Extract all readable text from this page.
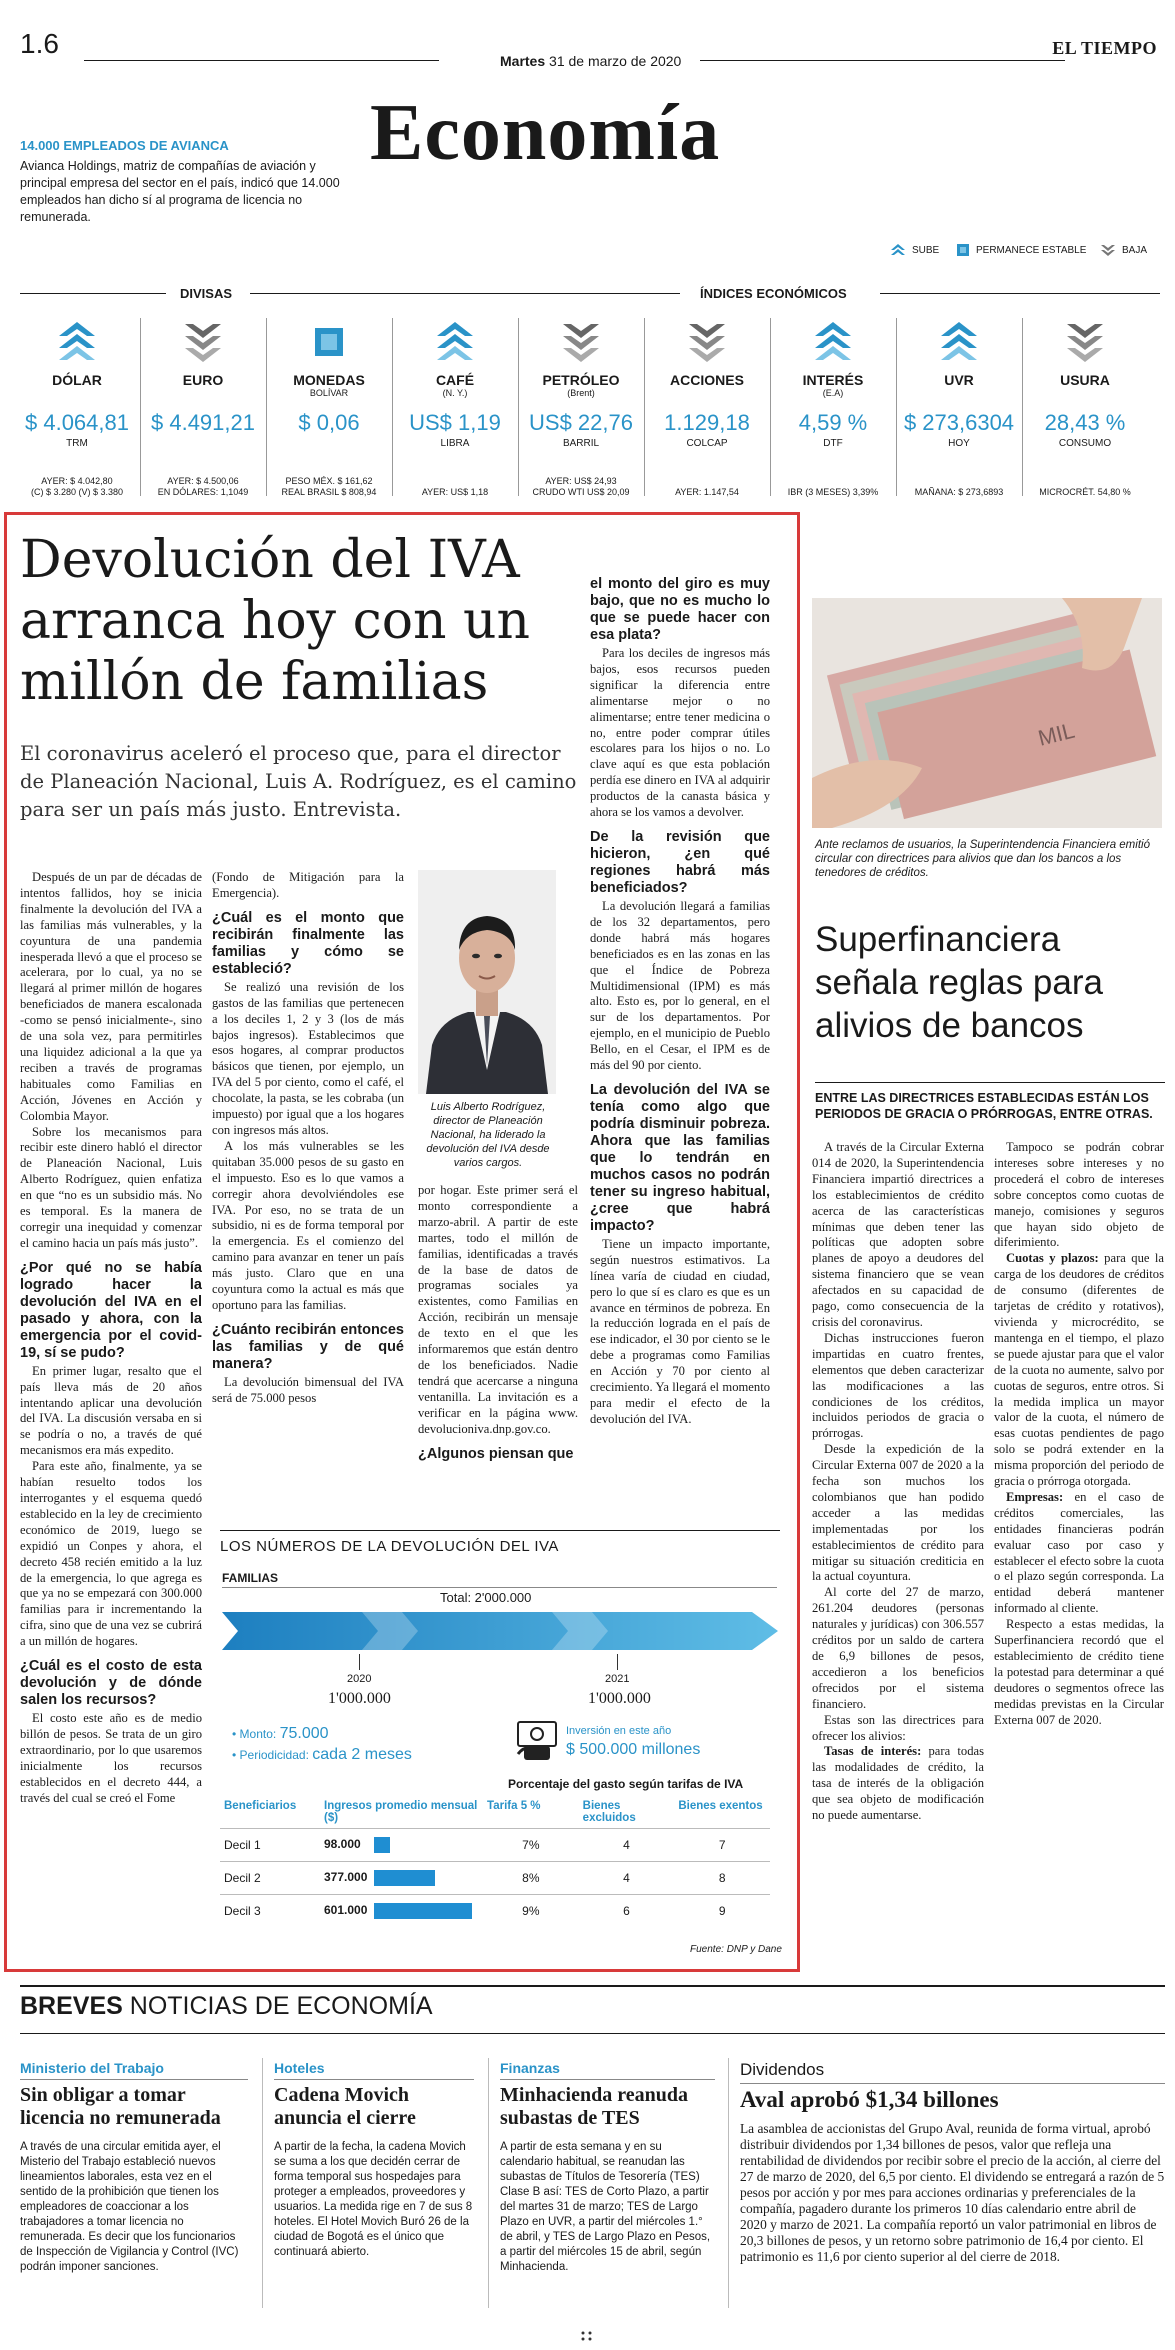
1.6
Martes 31 de marzo de 2020
EL TIEMPO
Economía
14.000 EMPLEADOS DE AVIANCA
Avianca Holdings, matriz de compañías de aviación y principal empresa del sector en el país, indicó que 14.000 empleados han dicho sí al programa de licencia no remunerada.
SUBE	PERMANECE ESTABLE	BAJA
DIVISAS	ÍNDICES ECONÓMICOS
DÓLAR
$ 4.064,81
TRM
AYER: $ 4.042,80
(C) $ 3.280 (V) $ 3.380
EURO
$ 4.491,21
AYER: $ 4.500,06
EN DÓLARES: 1,1049
MONEDAS
BOLÍVAR
$ 0,06
PESO MÉX. $ 161,62
REAL BRASIL $ 808,94
CAFÉ
(N. Y.)
US$ 1,19
LIBRA
AYER: US$ 1,18
PETRÓLEO
(Brent)
US$ 22,76
BARRIL
AYER: US$ 24,93
CRUDO WTI US$ 20,09
ACCIONES
1.129,18
COLCAP
AYER: 1.147,54
INTERÉS
(E.A)
4,59 %
DTF
IBR (3 MESES) 3,39%
UVR
$ 273,6304
HOY
MAÑANA: $ 273,6893
USURA
28,43 %
CONSUMO
MICROCRÉT. 54,80 %
Devolución del IVA arranca hoy con un millón de familias
El coronavirus aceleró el proceso que, para el director de Planeación Nacional, Luis A. Rodríguez, es el camino para ser un país más justo. Entrevista.

Después de un par de décadas de intentos fallidos, hoy se inicia finalmente la devolución del IVA a las familias más vulnerables, y la coyuntura de una pandemia inesperada llevó a que el proceso se acelerara, por lo cual, ya no se llegará al primer millón de hogares beneficiados de manera escalonada -como se pensó inicialmente-, sino de una sola vez, para permitirles una liquidez adicional a la que ya reciben a través de programas habituales como Familias en Acción, Jóvenes en Acción y Colombia Mayor.

Sobre los mecanismos para recibir este dinero habló el director de Planeación Nacional, Luis Alberto Rodríguez, quien enfatiza en que “no es un subsidio más. No es temporal. Es la manera de corregir una inequidad y comenzar el camino hacia un país más justo”.

¿Por qué no se había logrado hacer la devolución del IVA en el pasado y ahora, con la emergencia por el covid-19, sí se pudo?

En primer lugar, resalto que el país lleva más de 20 años intentando aplicar una devolución del IVA. La discusión versaba en si se podría o no, a través de qué mecanismos era más expedito.

Para este año, finalmente, ya se habían resuelto todos los interrogantes y el esquema quedó establecido en la ley de crecimiento económico de 2019, luego se expidió un Conpes y ahora, el decreto 458 recién emitido a la luz de la emergencia, lo que agrega es que ya no se empezará con 300.000 familias para ir incrementando la cifra, sino que de una vez se cubrirá a un millón de hogares.

¿Cuál es el costo de esta devolución y de dónde salen los recursos?

El costo este año es de medio billón de pesos. Se trata de un giro extraordinario, por lo que usaremos inicialmente los recursos establecidos en el decreto 444, a través del cual se creó el Fome

(Fondo de Mitigación para la Emergencia).

¿Cuál es el monto que recibirán finalmente las familias y cómo se estableció?

Se realizó una revisión de los gastos de las familias que pertenecen a los deciles 1, 2 y 3 (los de más bajos ingresos). Establecimos que esos hogares, al comprar productos básicos que tienen, por ejemplo, un IVA del 5 por ciento, como el café, el chocolate, la pasta, se les cobraba (un impuesto) por igual que a los hogares con ingresos más altos.

A los más vulnerables se les quitaban 35.000 pesos de su gasto en el impuesto. Eso es lo que vamos a corregir ahora devolviéndoles ese IVA. Por eso, no se trata de un subsidio, ni es de forma temporal por la emergencia. Es el comienzo del camino para avanzar en tener un país más justo. Claro que en una coyuntura como la actual es más que oportuno para las familias.

¿Cuánto recibirán entonces las familias y de qué manera?

La devolución bimensual del IVA será de 75.000 pesos

por hogar. Este primer será el monto correspondiente a marzo-abril. A partir de este martes, todo el millón de familias, identificadas a través de la base de datos de programas sociales ya existentes, como Familias en Acción, recibirán un mensaje de texto en el que les informaremos que están dentro de los beneficiados. Nadie tendrá que acercarse a ninguna ventanilla. La invitación es a verificar en la página www. devolucioniva.dnp.gov.co.

¿Algunos piensan que
el monto del giro es muy bajo, que no es mucho lo que se puede hacer con esa plata?

Para los deciles de ingresos más bajos, esos recursos pueden significar la diferencia entre alimentarse mejor o no alimentarse; entre tener medicina o no, entre poder comprar útiles escolares para los hijos o no. Lo clave aquí es que esta población perdía ese dinero en IVA al adquirir productos de la canasta básica y ahora se los vamos a devolver.

De la revisión que hicieron, ¿en qué regiones habrá más beneficiados?

La devolución llegará a familias de los 32 departamentos, pero donde habrá más hogares beneficiados es en las zonas en las que el Índice de Pobreza Multidimensional (IPM) es más alto. Esto es, por lo general, en el sur de los departamentos. Por ejemplo, en el municipio de Pueblo Bello, en el Cesar, el IPM es de más del 90 por ciento.

La devolución del IVA se tenía como algo que podría disminuir pobreza. Ahora que las familias que lo tendrán en muchos casos no podrán tener su ingreso habitual, ¿cree que habrá impacto?

Tiene un impacto importante, según nuestros estimativos. La línea varía de ciudad en ciudad, pero lo que sí es claro es que es un avance en términos de pobreza. En la reducción lograda en el país de ese indicador, el 30 por ciento se le debe a programas como Familias en Acción y 70 por ciento al crecimiento. Ya llegará el momento para medir el efecto de la devolución del IVA.

Luis Alberto Rodríguez, director de Planeación Nacional, ha liderado la devolución del IVA desde varios cargos.
LOS NÚMEROS DE LA DEVOLUCIÓN DEL IVA
FAMILIAS
Total: 2'000.000
2020
1'000.000
2021
1'000.000
• Monto: 75.000
• Periodicidad: cada 2 meses
Inversión en este año
$ 500.000 millones
Porcentaje del gasto según tarifas de IVA
Beneficiarios	Ingresos promedio mensual ($)	Tarifa 5 %	Bienes excluidos	Bienes exentos
Decil 1	98.000	7%	4	7
Decil 2	377.000	8%	4	8
Decil 3	601.000	9%	6	9
Fuente: DNP y Dane
MIL
Ante reclamos de usuarios, la Superintendencia Financiera emitió circular con directrices para alivios que dan los bancos a los tenedores de créditos.
Superfinanciera señala reglas para alivios de bancos
ENTRE LAS DIRECTRICES ESTABLECIDAS ESTÁN LOS PERIODOS DE GRACIA O PRÓRROGAS, ENTRE OTRAS.

A través de la Circular Externa 014 de 2020, la Superintendencia Financiera impartió directrices a los establecimientos de crédito acerca de las características mínimas que deben tener las políticas que adopten sobre planes de apoyo a deudores del sistema financiero que se vean afectados en su capacidad de pago, como consecuencia de la crisis del coronavirus.

Dichas instrucciones fueron impartidas en cuatro frentes, elementos que deben caracterizar las modificaciones a las condiciones de los créditos, incluidos periodos de gracia o prórrogas.

Desde la expedición de la Circular Externa 007 de 2020 a la fecha son muchos los colombianos que han podido acceder a las medidas implementadas por los establecimientos de crédito para mitigar su situación crediticia en la actual coyuntura.

Al corte del 27 de marzo, 261.204 deudores (personas naturales y jurídicas) con 306.557 créditos por un saldo de cartera de 6,9 billones de pesos, accedieron a los beneficios ofrecidos por el sistema financiero.

Estas son las directrices para ofrecer los alivios:

Tasas de interés: para todas las modalidades de crédito, la tasa de interés de la obligación que sea objeto de modificación no puede aumentarse.

Tampoco se podrán cobrar intereses sobre intereses y no procederá el cobro de intereses sobre conceptos como cuotas de manejo, comisiones y seguros que hayan sido objeto de diferimiento.

Cuotas y plazos: para que la carga de los deudores de créditos de consumo (diferentes de tarjetas de crédito y rotativos), vivienda y microcrédito, se mantenga en el tiempo, el plazo se puede ajustar para que el valor de la cuota no aumente, salvo por cuotas de seguros, entre otros. Si la medida implica un mayor valor de la cuota, el número de esas cuotas pendientes de pago solo se podrá extender en la misma proporción del periodo de gracia o prórroga otorgada.

Empresas: en el caso de créditos comerciales, las entidades financieras podrán evaluar caso por caso y establecer el efecto sobre la cuota o el plazo según corresponda. La entidad deberá mantener informado al cliente.

Respecto a estas medidas, la Superfinanciera recordó que el establecimiento de crédito tiene la potestad para determinar a qué deudores o segmentos ofrece las medidas previstas en la Circular Externa 007 de 2020.

BREVES NOTICIAS DE ECONOMÍA
Ministerio del Trabajo
Sin obligar a tomar licencia no remunerada
A través de una circular emitida ayer, el Misterio del Trabajo estableció nuevos lineamientos laborales, esta vez en el sentido de la prohibición que tienen los empleadores de coaccionar a los trabajadores a tomar licencia no remunerada. Es decir que los funcionarios de Inspección de Vigilancia y Control (IVC) podrán imponer sanciones.
Hoteles
Cadena Movich anuncia el cierre
A partir de la fecha, la cadena Movich se suma a los que decidén cerrar de forma temporal sus hospedajes para proteger a empleados, proveedores y usuarios. La medida rige en 7 de sus 8 hoteles. El Hotel Movich Buró 26 de la ciudad de Bogotá es el único que continuará abierto.
Finanzas
Minhacienda reanuda subastas de TES
A partir de esta semana y en su calendario habitual, se reanudan las subastas de Títulos de Tesorería (TES) Clase B así: TES de Corto Plazo, a partir del martes 31 de marzo; TES de Largo Plazo en UVR, a partir del miércoles 1.° de abril, y TES de Largo Plazo en Pesos, a partir del miércoles 15 de abril, según Minhacienda.
Dividendos
Aval aprobó $1,34 billones
La asamblea de accionistas del Grupo Aval, reunida de forma virtual, aprobó distribuir dividendos por 1,34 billones de pesos, valor que refleja una rentabilidad de dividendos por recibir sobre el precio de la acción, al cierre del 27 de marzo de 2020, del 6,5 por ciento. El dividendo se entregará a razón de 5 pesos por acción y por mes para acciones ordinarias y preferenciales de la compañía, pagadero durante los primeros 10 días calendario entre abril de 2020 y marzo de 2021. La compañía reportó un valor patrimonial en libros de 20,3 billones de pesos, y un retorno sobre patrimonio de 16,4 por ciento. El patrimonio es 11,6 por ciento superior al del cierre de 2018.
